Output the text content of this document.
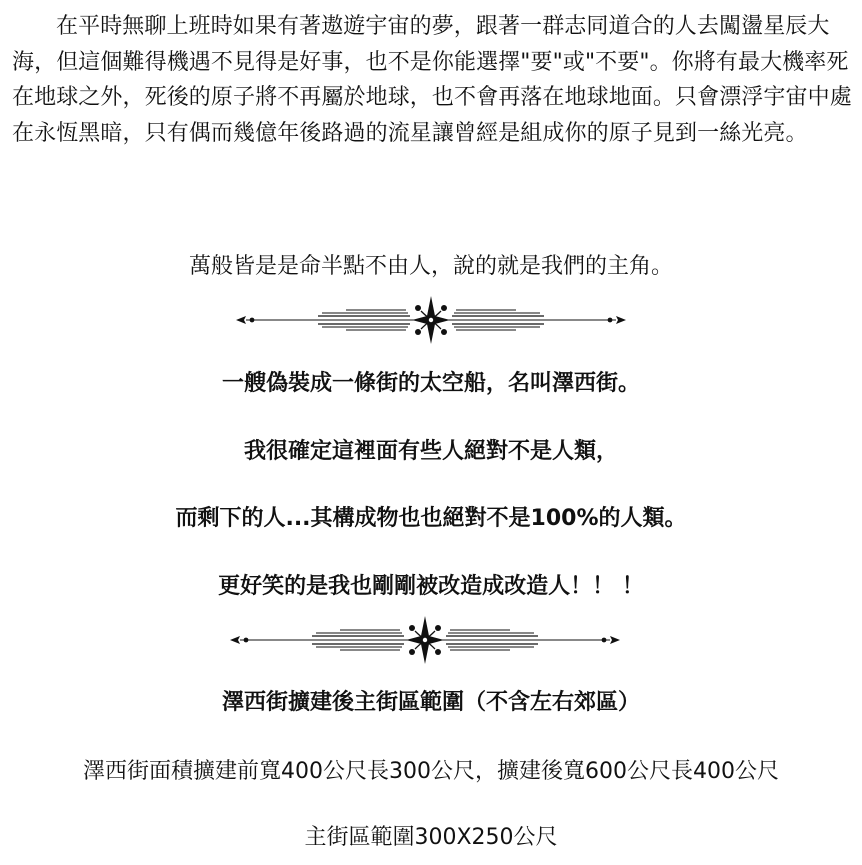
在平時無聊上班時如果有著遨遊宇宙的夢，跟著一群志同道合的人去闖盪星辰大海，但這個難得機遇不見得是好事，也不是你能選擇"要"或"不要"。你將有最大機率死在地球之外，死後的原子將不再屬於地球，也不會再落在地球地面。只會漂浮宇宙中處在永恆黑暗，只有偶而幾億年後路過的流星讓曾經是組成你的原子見到一絲光亮。

萬般皆是是命半點不由人，說的就是我們的主角。

一艘偽裝成一條街的太空船，名叫澤西街。

我很確定這裡面有些人絕對不是人類，

而剩下的人...其構成物也也絕對不是100%的人類。

更好笑的是我也剛剛被改造成改造人！！ ！

澤西街擴建後主街區範圍（不含左右郊區）

澤西街面積擴建前寬400公尺長300公尺，擴建後寬600公尺長400公尺

主街區範圍300X250公尺
